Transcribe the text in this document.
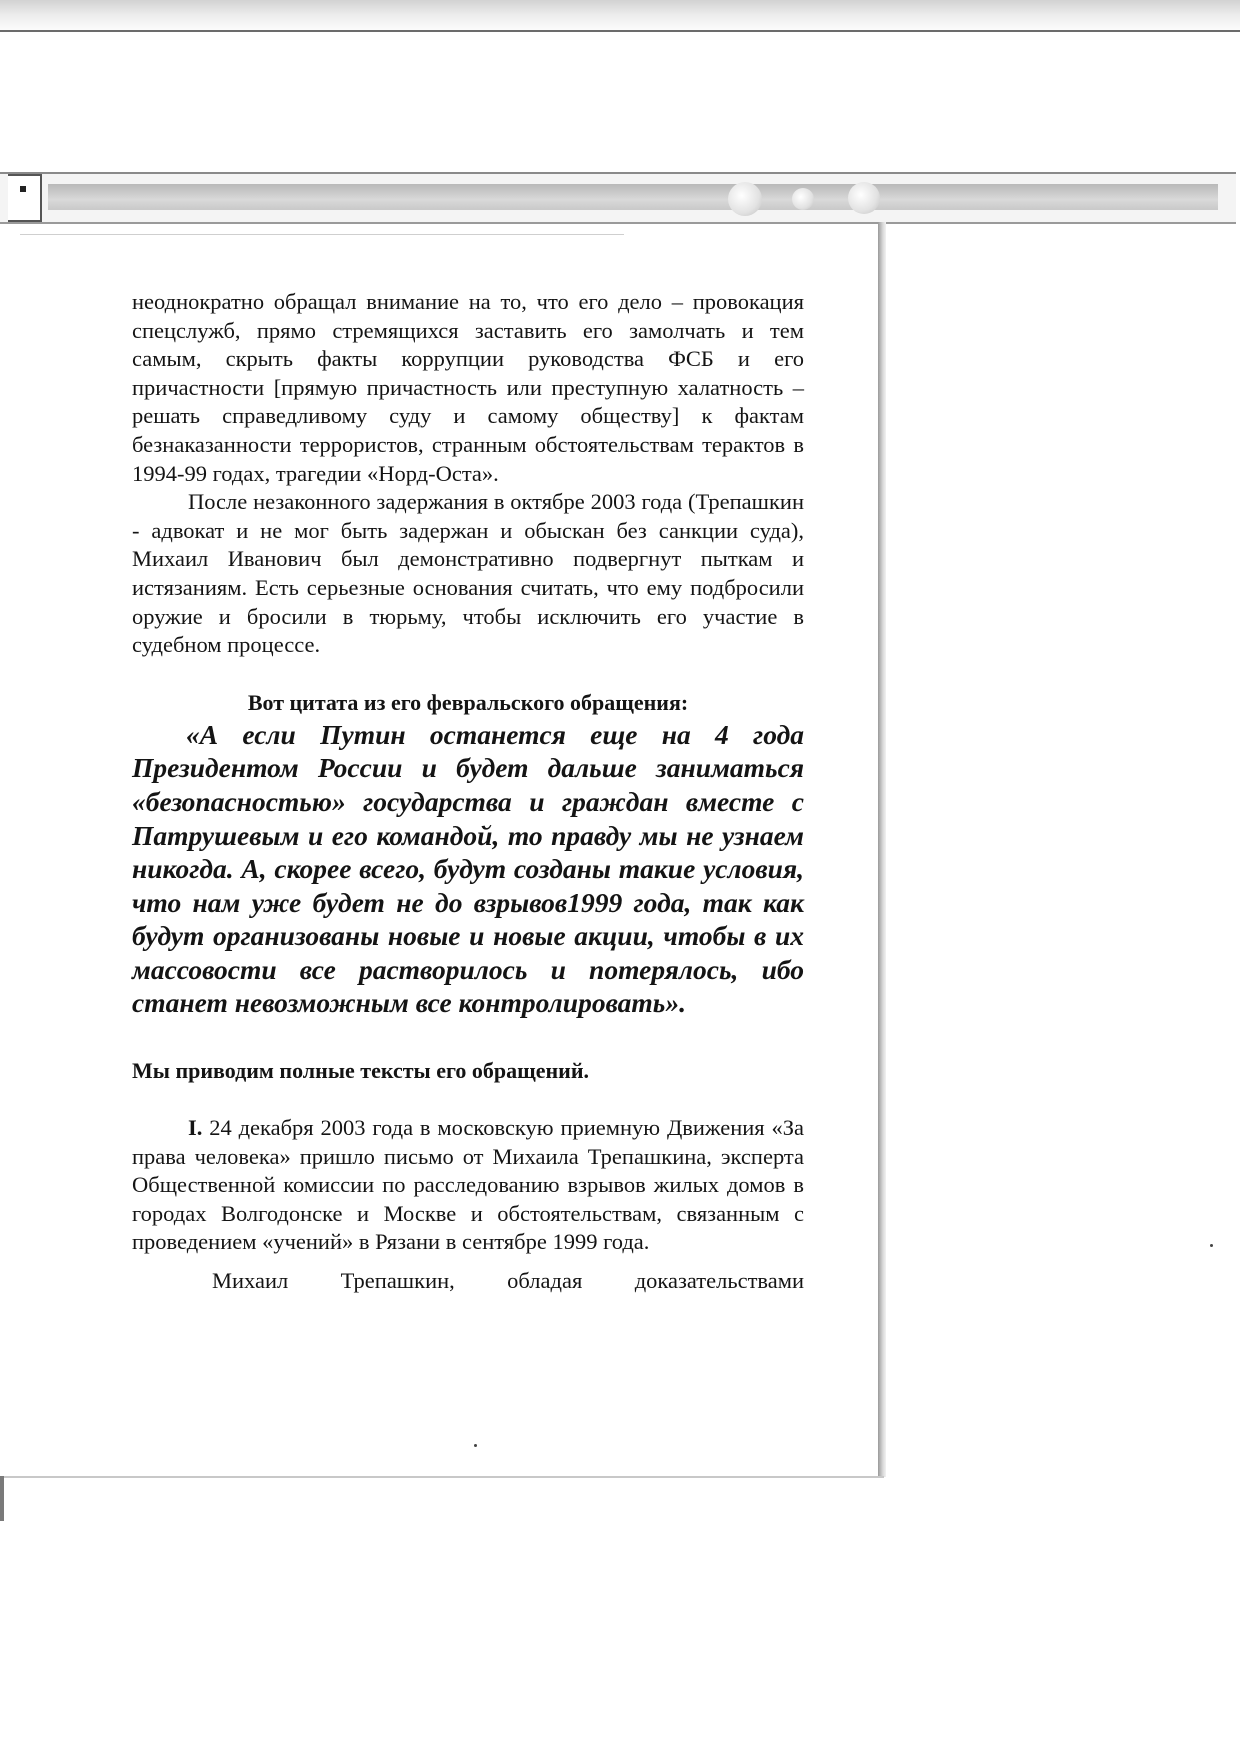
неоднократно обращал внимание на то, что его дело – провокация спецслужб, прямо стремящихся заставить его замолчать и тем самым, скрыть факты коррупции руководства ФСБ и его причастности [прямую причастность или преступную халатность – решать справедливому суду и самому обществу] к фактам безнаказанности террористов, странным обстоятельствам терактов в 1994-99 годах, трагедии «Норд-Оста».

После незаконного задержания в октябре 2003 года (Трепашкин - адвокат и не мог быть задержан и обыскан без санкции суда), Михаил Иванович был демонстративно подвергнут пыткам и истязаниям. Есть серьезные основания считать, что ему подбросили оружие и бросили в тюрьму, чтобы исключить его участие в судебном процессе.

Вот цитата из его февральского обращения:

«А если Путин останется еще на 4 года Президентом России и будет дальше заниматься «безопасностью» государства и граждан вместе с Патрушевым и его командой, то правду мы не узнаем никогда. А, скорее всего, будут созданы такие условия, что нам уже будет не до взрывов1999 года, так как будут организованы новые и новые акции, чтобы в их массовости все растворилось и потерялось, ибо станет невозможным все контролировать».

Мы приводим полные тексты его обращений.

I. 24 декабря 2003 года в московскую приемную Движения «За права человека» пришло письмо от Михаила Трепашкина, эксперта Общественной комиссии по расследованию взрывов жилых домов в городах Волгодонске и Москве и обстоятельствам, связанным с проведением «учений» в Рязани в сентябре 1999 года.

Михаил Трепашкин, обладая доказательствами
